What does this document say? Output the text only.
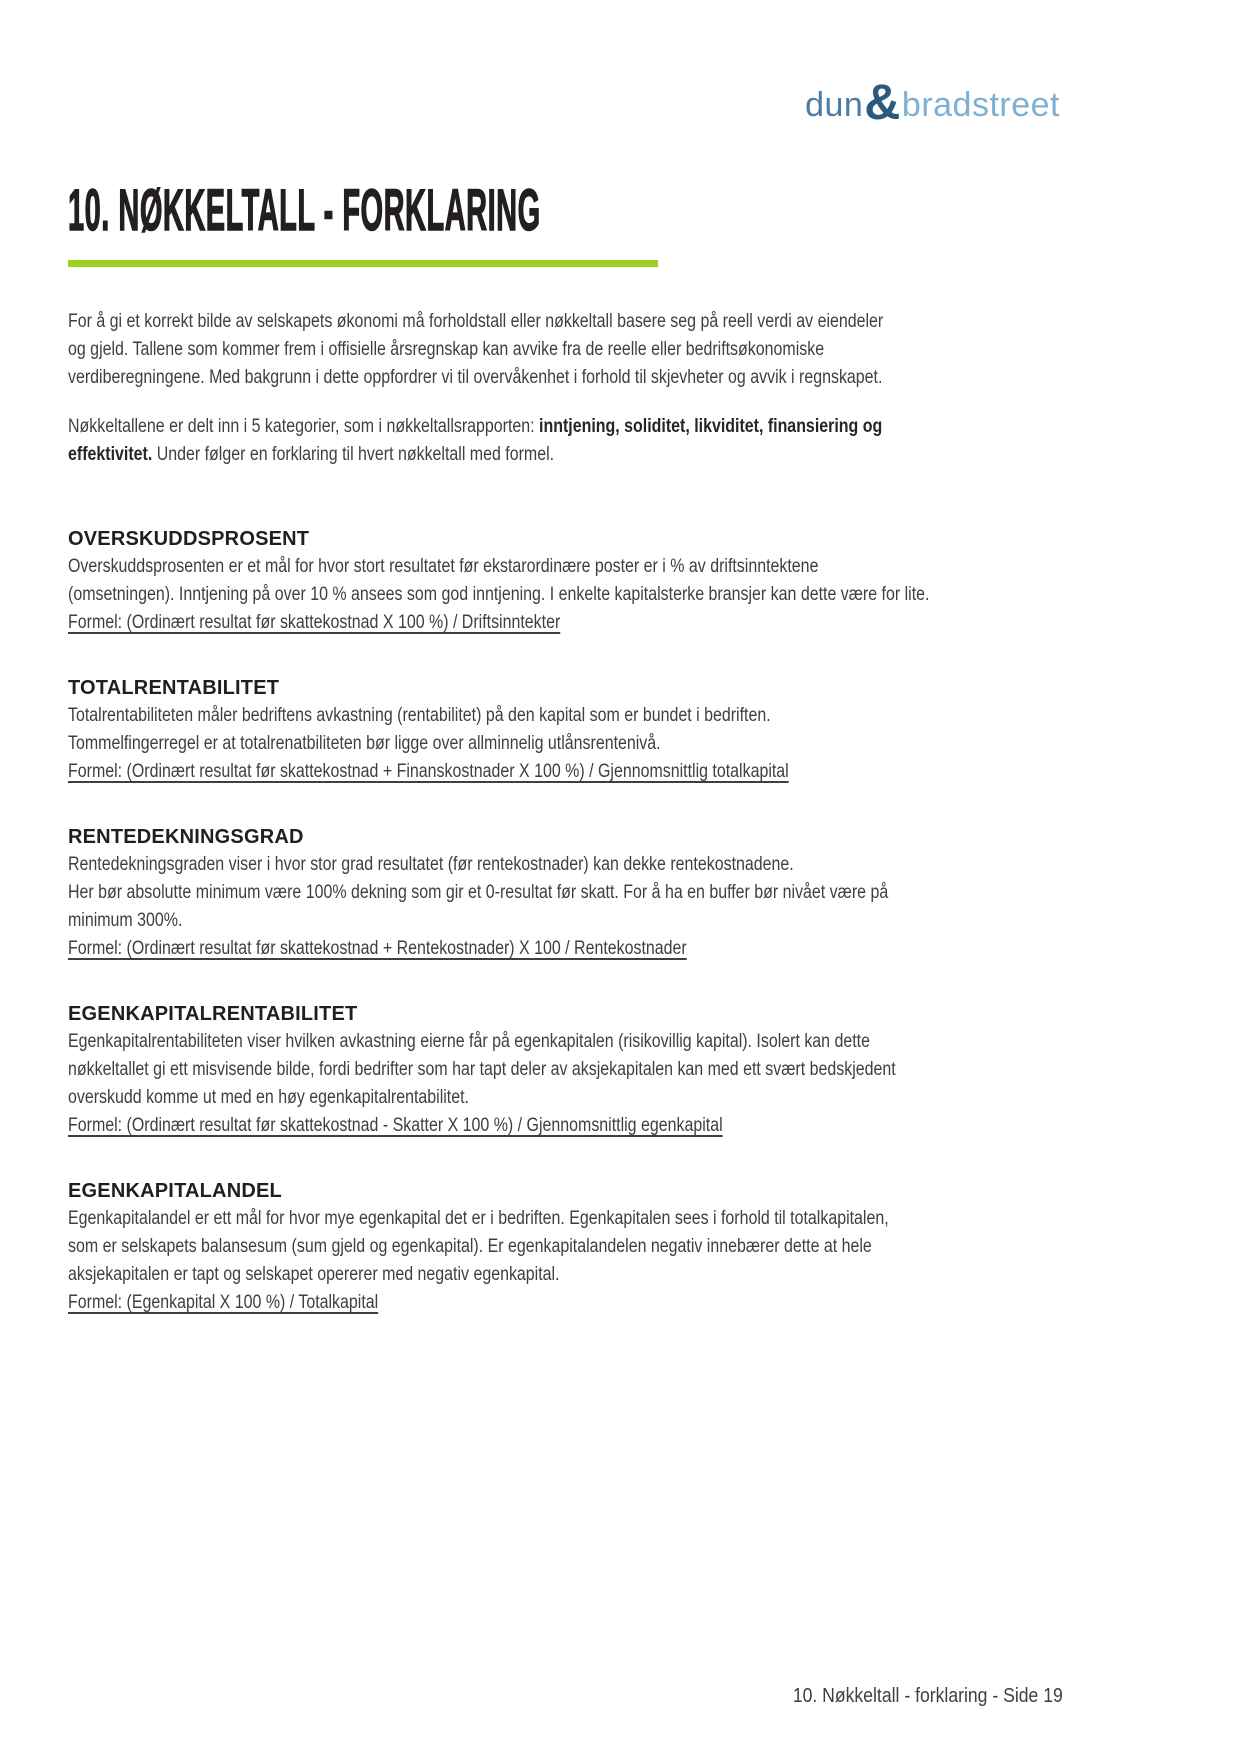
dun & bradstreet
10. NØKKELTALL - FORKLARING
For å gi et korrekt bilde av selskapets økonomi må forholdstall eller nøkkeltall basere seg på reell verdi av eiendeler
og gjeld. Tallene som kommer frem i offisielle årsregnskap kan avvike fra de reelle eller bedriftsøkonomiske
verdiberegningene. Med bakgrunn i dette oppfordrer vi til overvåkenhet i forhold til skjevheter og avvik i regnskapet.
Nøkkeltallene er delt inn i 5 kategorier, som i nøkkeltallsrapporten: inntjening, soliditet, likviditet, finansiering og
effektivitet. Under følger en forklaring til hvert nøkkeltall med formel.
OVERSKUDDSPROSENT
Overskuddsprosenten er et mål for hvor stort resultatet før ekstarordinære poster er i % av driftsinntektene
(omsetningen). Inntjening på over 10 % ansees som god inntjening. I enkelte kapitalsterke bransjer kan dette være for lite.
Formel: (Ordinært resultat før skattekostnad X 100 %) / Driftsinntekter
TOTALRENTABILITET
Totalrentabiliteten måler bedriftens avkastning (rentabilitet) på den kapital som er bundet i bedriften.
Tommelfingerregel er at totalrenatbiliteten bør ligge over allminnelig utlånsrentenivå.
Formel: (Ordinært resultat før skattekostnad + Finanskostnader X 100 %) / Gjennomsnittlig totalkapital
RENTEDEKNINGSGRAD
Rentedekningsgraden viser i hvor stor grad resultatet (før rentekostnader) kan dekke rentekostnadene.
Her bør absolutte minimum være 100% dekning som gir et 0-resultat før skatt. For å ha en buffer bør nivået være på
minimum 300%.
Formel: (Ordinært resultat før skattekostnad + Rentekostnader) X 100 / Rentekostnader
EGENKAPITALRENTABILITET
Egenkapitalrentabiliteten viser hvilken avkastning eierne får på egenkapitalen (risikovillig kapital). Isolert kan dette
nøkkeltallet gi ett misvisende bilde, fordi bedrifter som har tapt deler av aksjekapitalen kan med ett svært bedskjedent
overskudd komme ut med en høy egenkapitalrentabilitet.
Formel: (Ordinært resultat før skattekostnad - Skatter X 100 %) / Gjennomsnittlig egenkapital
EGENKAPITALANDEL
Egenkapitalandel er ett mål for hvor mye egenkapital det er i bedriften. Egenkapitalen sees i forhold til totalkapitalen,
som er selskapets balansesum (sum gjeld og egenkapital). Er egenkapitalandelen negativ innebærer dette at hele
aksjekapitalen er tapt og selskapet opererer med negativ egenkapital.
Formel: (Egenkapital X 100 %) / Totalkapital
10. Nøkkeltall - forklaring - Side 19
